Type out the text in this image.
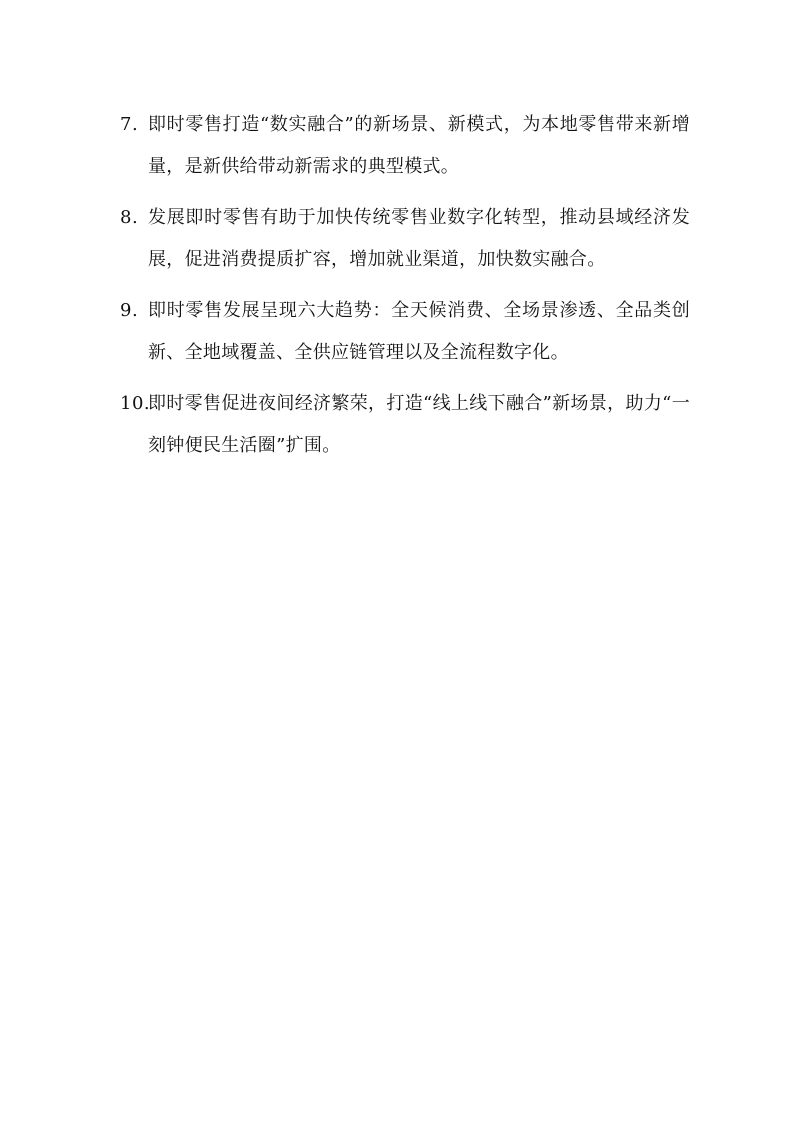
7. 即时零售打造“数实融合”的新场景、新模式，为本地零售带来新增量，是新供给带动新需求的典型模式。
8. 发展即时零售有助于加快传统零售业数字化转型，推动县域经济发展，促进消费提质扩容，增加就业渠道，加快数实融合。
9. 即时零售发展呈现六大趋势：全天候消费、全场景渗透、全品类创新、全地域覆盖、全供应链管理以及全流程数字化。
10.
即时零售促进夜间经济繁荣，打造“线上线下融合”新场景，助力“一刻钟便民生活圈”扩围。
